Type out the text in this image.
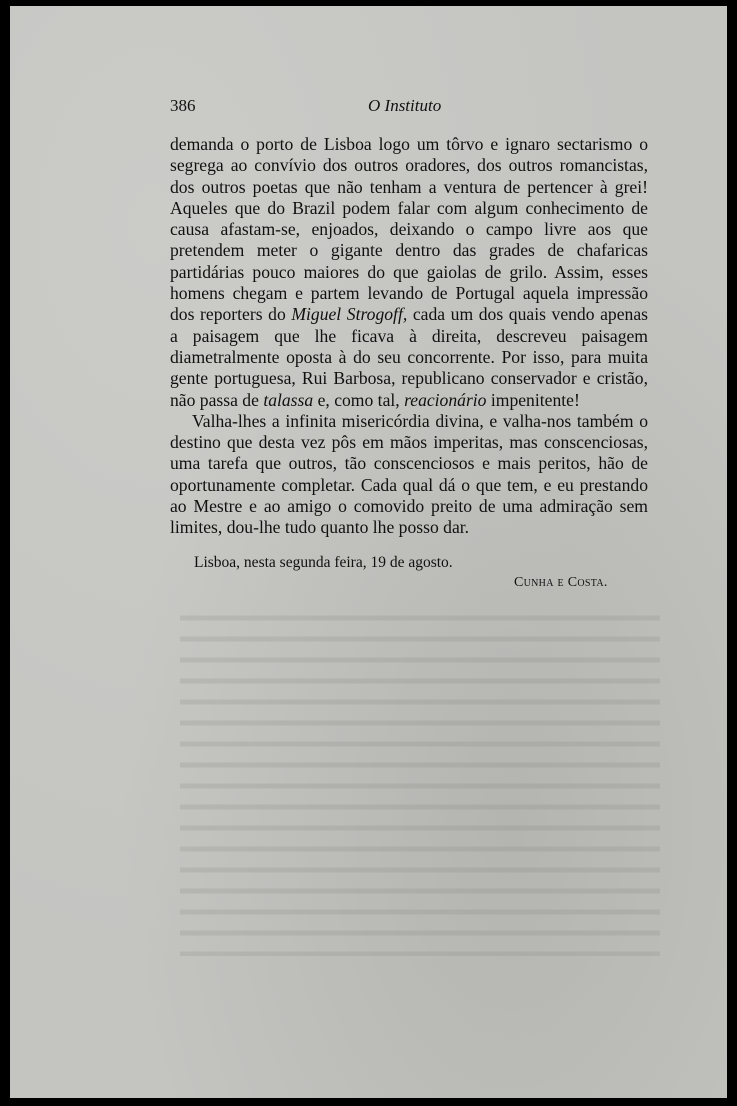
386	O Instituto

demanda o porto de Lisboa logo um tôrvo e ignaro sectarismo o segrega ao convívio dos outros oradores, dos outros romancistas, dos outros poetas que não tenham a ventura de pertencer à grei! Aqueles que do Brazil podem falar com algum conhecimento de causa afastam-se, enjoados, deixando o campo livre aos que pretendem meter o gigante dentro das grades de chafaricas partidárias pouco maiores do que gaiolas de grilo. Assim, esses homens chegam e partem levando de Portugal aquela impressão dos reporters do Miguel Strogoff, cada um dos quais vendo apenas a paisagem que lhe ficava à direita, descreveu paisagem diametralmente oposta à do seu concorrente. Por isso, para muita gente portuguesa, Rui Barbosa, republicano conservador e cristão, não passa de talassa e, como tal, reacionário impenitente!

Valha-lhes a infinita misericórdia divina, e valha-nos também o destino que desta vez pôs em mãos imperitas, mas conscenciosas, uma tarefa que outros, tão conscenciosos e mais peritos, hão de oportunamente completar. Cada qual dá o que tem, e eu prestando ao Mestre e ao amigo o comovido preito de uma admiração sem limites, dou-lhe tudo quanto lhe posso dar.

Lisboa, nesta segunda feira, 19 de agosto.
Cunha e Costa.
